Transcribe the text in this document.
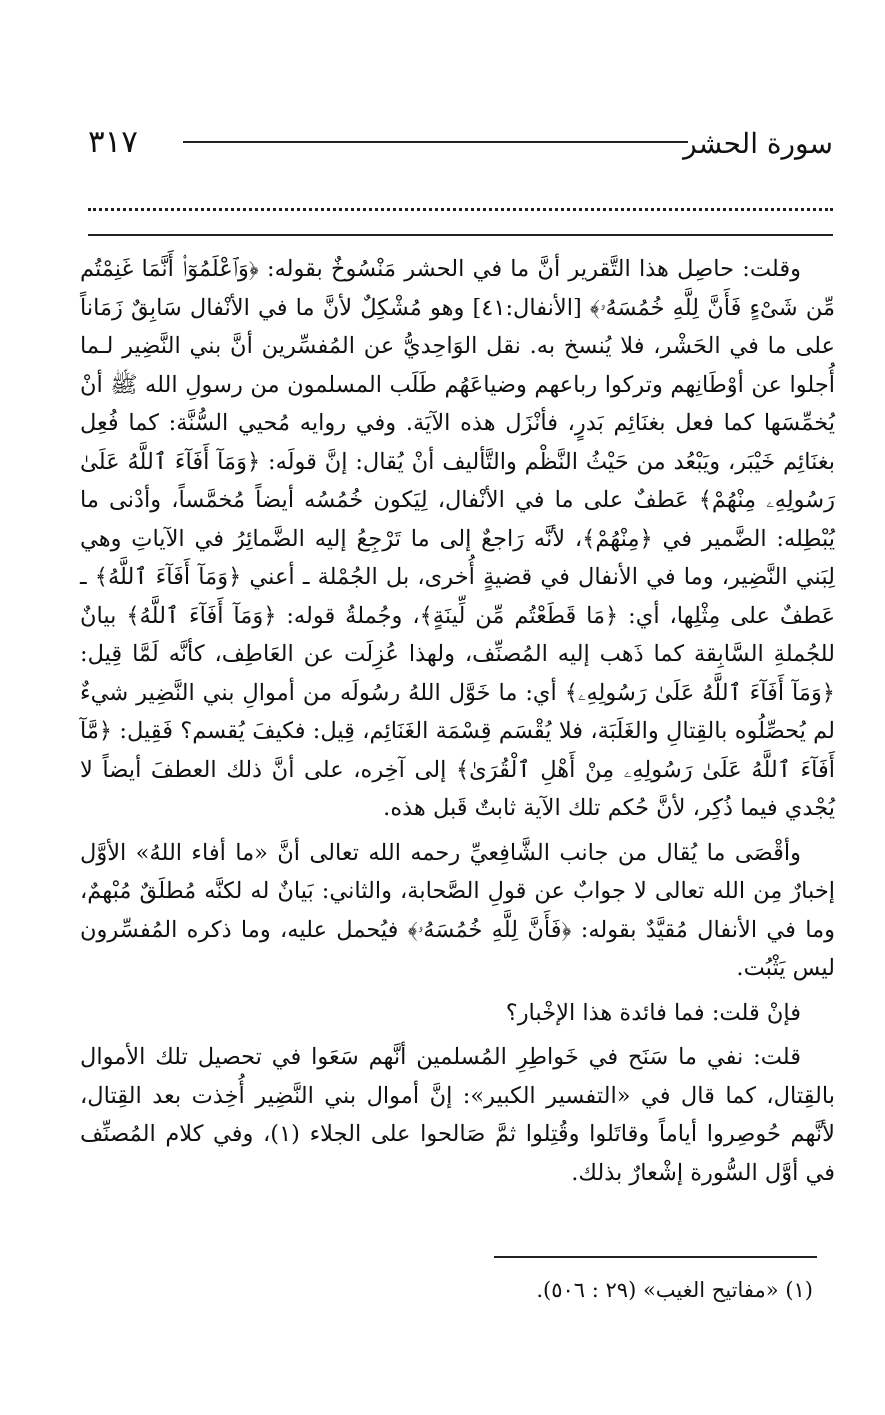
سورة الحشر
٣١٧

وقلت: حاصِل هذا التَّقرير أنَّ ما في الحشر مَنْسُوخٌ بقوله: ﴿وَٱعْلَمُوٓا۟ أَنَّمَا غَنِمْتُم مِّن شَىْءٍ فَأَنَّ لِلَّهِ خُمُسَهُۥ﴾ [الأنفال:٤١] وهو مُشْكِلٌ لأنَّ ما في الأنْفال سَابِقٌ زَمَاناً على ما في الحَشْر، فلا يُنسخ به. نقل الوَاحِديُّ عن المُفسِّرين أنَّ بني النَّضِير لـما أُجلوا عن أوْطَانِهم وتركوا رباعهم وضياعَهُم طَلَب المسلمون من رسولِ الله ﷺ أنْ يُخمِّسَها كما فعل بغنَائِم بَدرٍ، فأنْزَل هذه الآيَة. وفي روايه مُحيي السُّنَّة: كما فُعِل بغنَائِم خَيْبَر، ويَبْعُد من حَيْثُ النَّظْم والتَّأليف أنْ يُقال: إنَّ قولَه: ﴿وَمَآ أَفَآءَ ٱللَّهُ عَلَىٰ رَسُولِهِۦ مِنْهُمْ﴾ عَطفٌ على ما في الأنْفال، لِيَكون خُمُسُه أيضاً مُخمَّساً، وأدْنى ما يُبْطِله: الضَّمير في ﴿مِنْهُمْ﴾، لأنَّه رَاجعٌ إلى ما تَرْجِعُ إليه الضَّمائِرُ في الآياتِ وهي لِبَني النَّضِير، وما في الأنفال في قضيةٍ أُخرى، بل الجُمْلة ـ أعني ﴿وَمَآ أَفَآءَ ٱللَّهُ﴾ ـ عَطفٌ على مِثْلِها، أي: ﴿مَا قَطَعْتُم مِّن لِّينَةٍ﴾، وجُملةُ قوله: ﴿وَمَآ أَفَآءَ ٱللَّهُ﴾ بيانٌ للجُملةِ السَّابِقة كما ذَهب إليه المُصنِّف، ولهذا عُزِلَت عن العَاطِف، كأنَّه لَمَّا قِيل: ﴿وَمَآ أَفَآءَ ٱللَّهُ عَلَىٰ رَسُولِهِۦ﴾ أي: ما خَوَّل اللهُ رسُولَه من أموالِ بني النَّضِير شيءٌ لم يُحصِّلُوه بالقِتالِ والغَلَبَة، فلا يُقْسَم قِسْمَة الغَنَائِم، قِيل: فكيفَ يُقسم؟ فَقِيل: ﴿مَّآ أَفَآءَ ٱللَّهُ عَلَىٰ رَسُولِهِۦ مِنْ أَهْلِ ٱلْقُرَىٰ﴾ إلى آخِره، على أنَّ ذلك العطفَ أيضاً لا يُجْدي فيما ذُكِر، لأنَّ حُكم تلك الآية ثابتٌ قَبل هذه.

وأقْصَى ما يُقال من جانب الشَّافِعيِّ رحمه الله تعالى أنَّ «ما أفاء اللهُ» الأوَّل إخبارٌ مِن الله تعالى لا جوابٌ عن قولِ الصَّحابة، والثاني: بَيانٌ له لكنَّه مُطلَقٌ مُبْهمٌ، وما في الأنفال مُقيَّدٌ بقوله: ﴿فَأَنَّ لِلَّهِ خُمُسَهُۥ﴾ فيُحمل عليه، وما ذكره المُفسِّرون ليس يَثْبُت.

فإنْ قلت: فما فائدة هذا الإخْبار؟

قلت: نفي ما سَنَح في خَواطِرِ المُسلمين أنَّهم سَعَوا في تحصيل تلك الأموال بالقِتال، كما قال في «التفسير الكبير»: إنَّ أموال بني النَّضِير أُخِذت بعد القِتال، لأنَّهم حُوصِروا أياماً وقاتَلوا وقُتِلوا ثمَّ صَالحوا على الجلاء (١)، وفي كلام المُصنِّف في أوَّل السُّورة إشْعارٌ بذلك.

(١) «مفاتيح الغيب» (٢٩ : ٥٠٦).
